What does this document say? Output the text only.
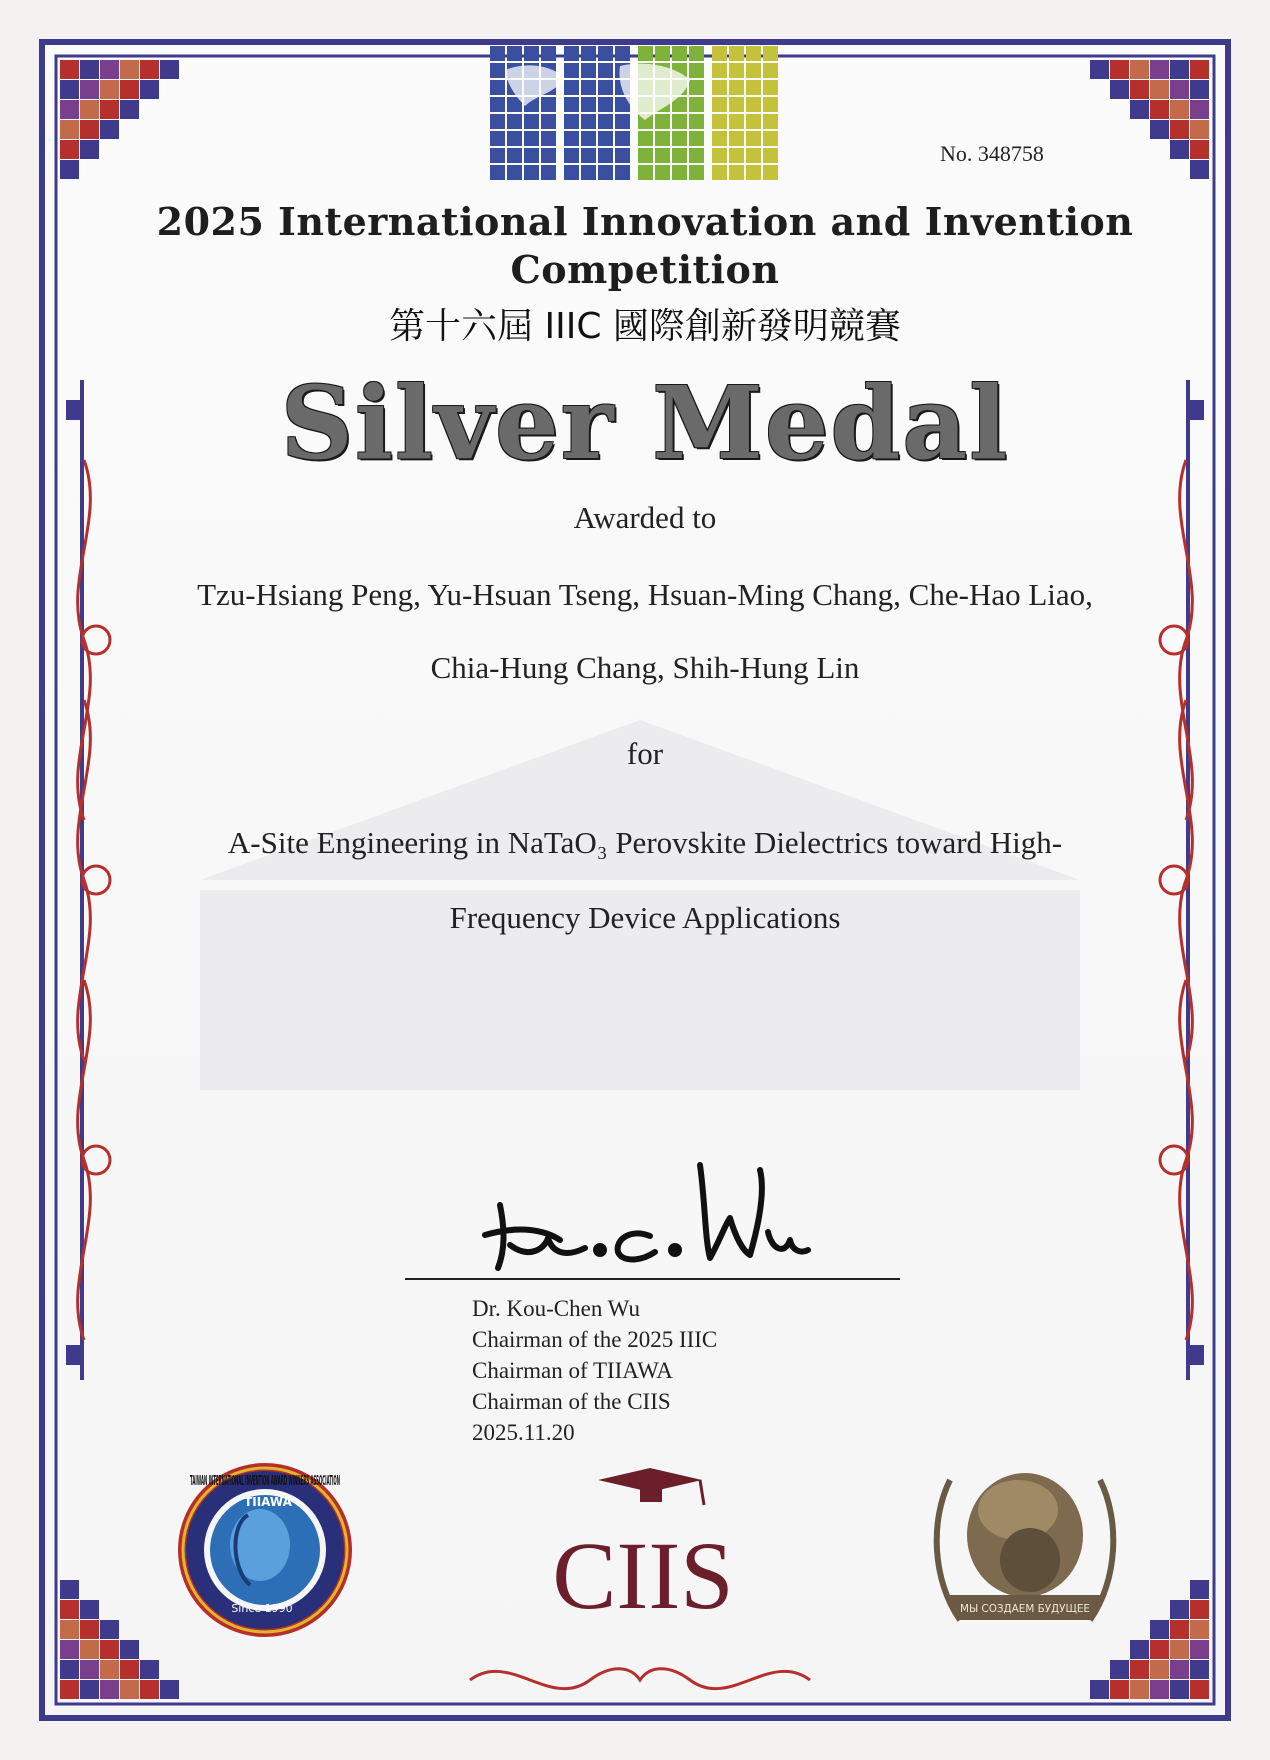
TAIWAN INTERNATIONAL INVENTION AWARD WINNERS ASSOCIATION
TIIAWA
Since 1990	CIIS	МЫ СОЗДАЕМ БУДУЩЕЕ
No. 348758
2025 International Innovation and Invention Competition
第十六屆 IIIC 國際創新發明競賽
Silver Medal
Awarded to
Tzu-Hsiang Peng, Yu-Hsuan Tseng, Hsuan-Ming Chang, Che-Hao Liao,
Chia-Hung Chang, Shih-Hung Lin
for
A-Site Engineering in NaTaO₃ Perovskite Dielectrics toward High-
Frequency Device Applications
Dr. Kou-Chen Wu
Chairman of the 2025 IIIC
Chairman of TIIAWA
Chairman of the CIIS
2025.11.20
